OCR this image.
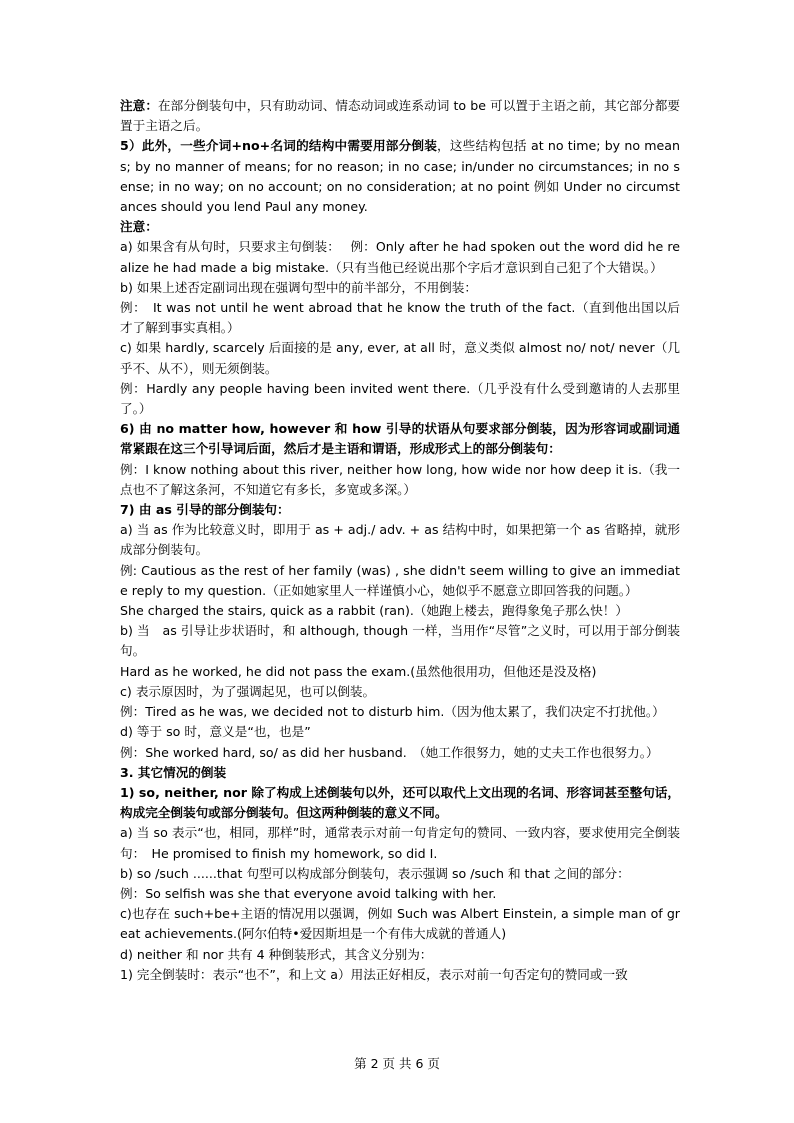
注意：在部分倒装句中，只有助动词、情态动词或连系动词 to be 可以置于主语之前，其它部分都要置于主语之后。

5）此外，一些介词+no+名词的结构中需要用部分倒装，这些结构包括 at no time; by no means; by no manner of means; for no reason; in no case; in/under no circumstances; in no sense; in no way; on no account; on no consideration; at no point 例如 Under no circumstances should you lend Paul any money.

注意：

a) 如果含有从句时，只要求主句倒装：　 例：Only after he had spoken out the word did he realize he had made a big mistake.（只有当他已经说出那个字后才意识到自己犯了个大错误。）

b) 如果上述否定副词出现在强调句型中的前半部分，不用倒装：

例：　It was not until he went abroad that he know the truth of the fact.（直到他出国以后才了解到事实真相。）

c) 如果 hardly, scarcely 后面接的是 any, ever, at all 时，意义类似 almost no/ not/ never（几乎不、从不），则无须倒装。

例：Hardly any people having been invited went there.（几乎没有什么受到邀请的人去那里了。）

6) 由 no matter how, however 和 how 引导的状语从句要求部分倒装，因为形容词或副词通常紧跟在这三个引导词后面，然后才是主语和谓语，形成形式上的部分倒装句：

例：I know nothing about this river, neither how long, how wide nor how deep it is.（我一点也不了解这条河，不知道它有多长，多宽或多深。）

7) 由 as 引导的部分倒装句：

a) 当 as 作为比较意义时，即用于 as + adj./ adv. + as 结构中时，如果把第一个 as 省略掉，就形成部分倒装句。

例: Cautious as the rest of her family (was) , she didn't seem willing to give an immediate reply to my question.（正如她家里人一样谨慎小心，她似乎不愿意立即回答我的问题。）

She charged the stairs, quick as a rabbit (ran).（她跑上楼去，跑得象兔子那么快！）

b) 当　as 引导让步状语时，和 although, though 一样，当用作“尽管”之义时，可以用于部分倒装句。

Hard as he worked, he did not pass the exam.(虽然他很用功，但他还是没及格)

c) 表示原因时，为了强调起见，也可以倒装。

例：Tired as he was, we decided not to disturb him.（因为他太累了，我们决定不打扰他。）

d) 等于 so 时，意义是“也，也是”

例：She worked hard, so/ as did her husband.　（她工作很努力，她的丈夫工作也很努力。）

3. 其它情况的倒装

1) so, neither, nor 除了构成上述倒装句以外，还可以取代上文出现的名词、形容词甚至整句话，构成完全倒装句或部分倒装句。但这两种倒装的意义不同。

a) 当 so 表示“也，相同，那样”时，通常表示对前一句肯定句的赞同、一致内容，要求使用完全倒装句：　He promised to finish my homework, so did I.

b) so /such ......that 句型可以构成部分倒装句，表示强调 so /such 和 that 之间的部分：

例：So selfish was she that everyone avoid talking with her.

c)也存在 such+be+主语的情况用以强调，例如 Such was Albert Einstein, a simple man of great achievements.(阿尔伯特•爱因斯坦是一个有伟大成就的普通人)

d) neither 和 nor 共有 4 种倒装形式，其含义分别为：

1) 完全倒装时：表示“也不”，和上文 a）用法正好相反，表示对前一句否定句的赞同或一致

第 2 页 共 6 页
